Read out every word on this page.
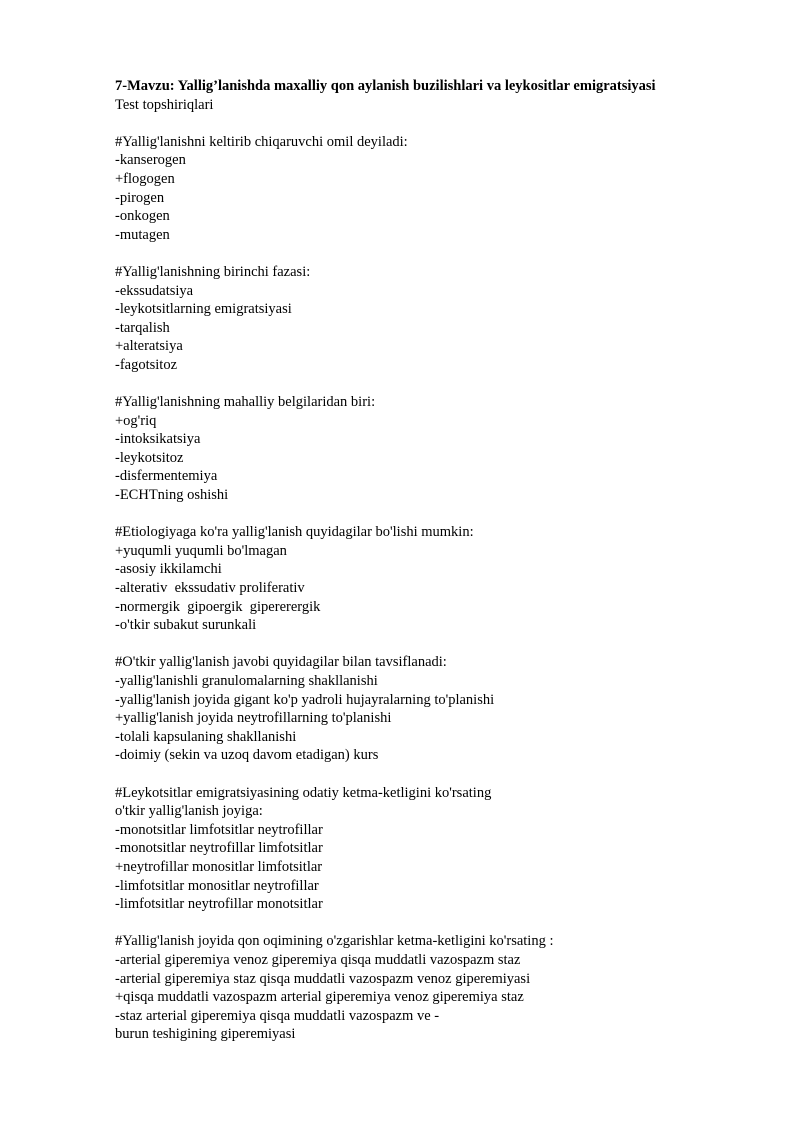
7-Mavzu: Yallig’lanishda maxalliy qon aylanish buzilishlari va leykositlar emigratsiyasi
Test topshiriqlari
#Yallig'lanishni keltirib chiqaruvchi omil deyiladi:
-kanserogen
+flogogen
-pirogen
-onkogen
-mutagen
#Yallig'lanishning birinchi fazasi:
-ekssudatsiya
-leykotsitlarning emigratsiyasi
-tarqalish
+alteratsiya
-fagotsitoz
#Yallig'lanishning mahalliy belgilaridan biri:
+og'riq
-intoksikatsiya
-leykotsitoz
-disfermentemiya
-ECHTning oshishi
#Etiologiyaga ko'ra yallig'lanish quyidagilar bo'lishi mumkin:
+yuqumli yuqumli bo'lmagan
-asosiy ikkilamchi
-alterativ  ekssudativ proliferativ
-normergik  gipoergik  gipererergik
-o'tkir subakut surunkali
#O'tkir yallig'lanish javobi quyidagilar bilan tavsiflanadi:
-yallig'lanishli granulomalarning shakllanishi
-yallig'lanish joyida gigant ko'p yadroli hujayralarning to'planishi
+yallig'lanish joyida neytrofillarning to'planishi
-tolali kapsulaning shakllanishi
-doimiy (sekin va uzoq davom etadigan) kurs
#Leykotsitlar emigratsiyasining odatiy ketma-ketligini ko'rsating
o'tkir yallig'lanish joyiga:
-monotsitlar limfotsitlar neytrofillar
-monotsitlar neytrofillar limfotsitlar
+neytrofillar monositlar limfotsitlar
-limfotsitlar monositlar neytrofillar
-limfotsitlar neytrofillar monotsitlar
#Yallig'lanish joyida qon oqimining o'zgarishlar ketma-ketligini ko'rsating :
-arterial giperemiya venoz giperemiya qisqa muddatli vazospazm staz
-arterial giperemiya staz qisqa muddatli vazospazm venoz giperemiyasi
+qisqa muddatli vazospazm arterial giperemiya venoz giperemiya staz
-staz arterial giperemiya qisqa muddatli vazospazm ve -
burun teshigining giperemiyasi
